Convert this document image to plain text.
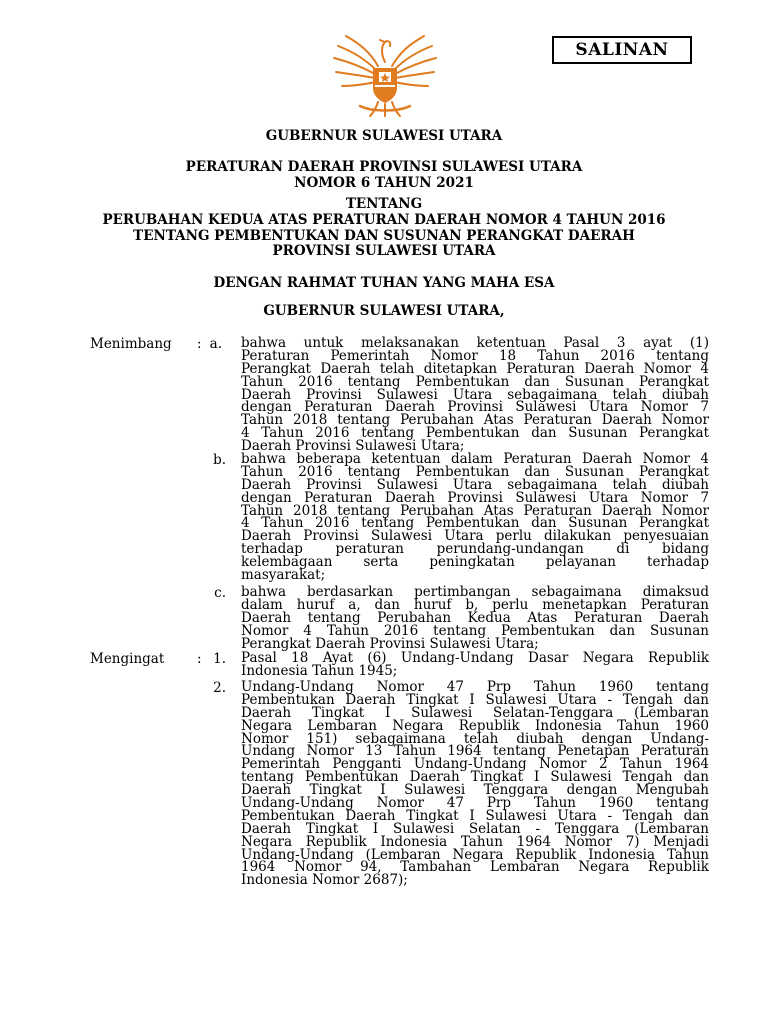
SALINAN
GUBERNUR SULAWESI UTARA
PERATURAN DAERAH PROVINSI SULAWESI UTARA
NOMOR 6 TAHUN 2021
TENTANG
PERUBAHAN KEDUA ATAS PERATURAN DAERAH NOMOR 4 TAHUN 2016
TENTANG PEMBENTUKAN DAN SUSUNAN PERANGKAT DAERAH
PROVINSI SULAWESI UTARA
DENGAN RAHMAT TUHAN YANG MAHA ESA
GUBERNUR SULAWESI UTARA,
Menimbang : a. bahwa untuk melaksanakan ketentuan Pasal 3 ayat (1)
Peraturan Pemerintah Nomor 18 Tahun 2016 tentang
Perangkat Daerah telah ditetapkan Peraturan Daerah Nomor 4
Tahun 2016 tentang Pembentukan dan Susunan Perangkat
Daerah Provinsi Sulawesi Utara sebagaimana telah diubah
dengan Peraturan Daerah Provinsi Sulawesi Utara Nomor 7
Tahun 2018 tentang Perubahan Atas Peraturan Daerah Nomor
4 Tahun 2016 tentang Pembentukan dan Susunan Perangkat
Daerah Provinsi Sulawesi Utara;
b. bahwa beberapa ketentuan dalam Peraturan Daerah Nomor 4
Tahun 2016 tentang Pembentukan dan Susunan Perangkat
Daerah Provinsi Sulawesi Utara sebagaimana telah diubah
dengan Peraturan Daerah Provinsi Sulawesi Utara Nomor 7
Tahun 2018 tentang Perubahan Atas Peraturan Daerah Nomor
4 Tahun 2016 tentang Pembentukan dan Susunan Perangkat
Daerah Provinsi Sulawesi Utara perlu dilakukan penyesuaian
terhadap peraturan perundang-undangan di bidang
kelembagaan serta peningkatan pelayanan terhadap
masyarakat;
c. bahwa berdasarkan pertimbangan sebagaimana dimaksud
dalam huruf a, dan huruf b, perlu menetapkan Peraturan
Daerah tentang Perubahan Kedua Atas Peraturan Daerah
Nomor 4 Tahun 2016 tentang Pembentukan dan Susunan
Perangkat Daerah Provinsi Sulawesi Utara;
Mengingat : 1. Pasal 18 Ayat (6) Undang-Undang Dasar Negara Republik
Indonesia Tahun 1945;
2. Undang-Undang Nomor 47 Prp Tahun 1960 tentang
Pembentukan Daerah Tingkat I Sulawesi Utara - Tengah dan
Daerah Tingkat I Sulawesi Selatan-Tenggara (Lembaran
Negara Lembaran Negara Republik Indonesia Tahun 1960
Nomor 151) sebagaimana telah diubah dengan Undang-
Undang Nomor 13 Tahun 1964 tentang Penetapan Peraturan
Pemerintah Pengganti Undang-Undang Nomor 2 Tahun 1964
tentang Pembentukan Daerah Tingkat I Sulawesi Tengah dan
Daerah Tingkat I Sulawesi Tenggara dengan Mengubah
Undang-Undang Nomor 47 Prp Tahun 1960 tentang
Pembentukan Daerah Tingkat I Sulawesi Utara - Tengah dan
Daerah Tingkat I Sulawesi Selatan - Tenggara (Lembaran
Negara Republik Indonesia Tahun 1964 Nomor 7) Menjadi
Undang-Undang (Lembaran Negara Republik Indonesia Tahun
1964 Nomor 94, Tambahan Lembaran Negara Republik
Indonesia Nomor 2687);
